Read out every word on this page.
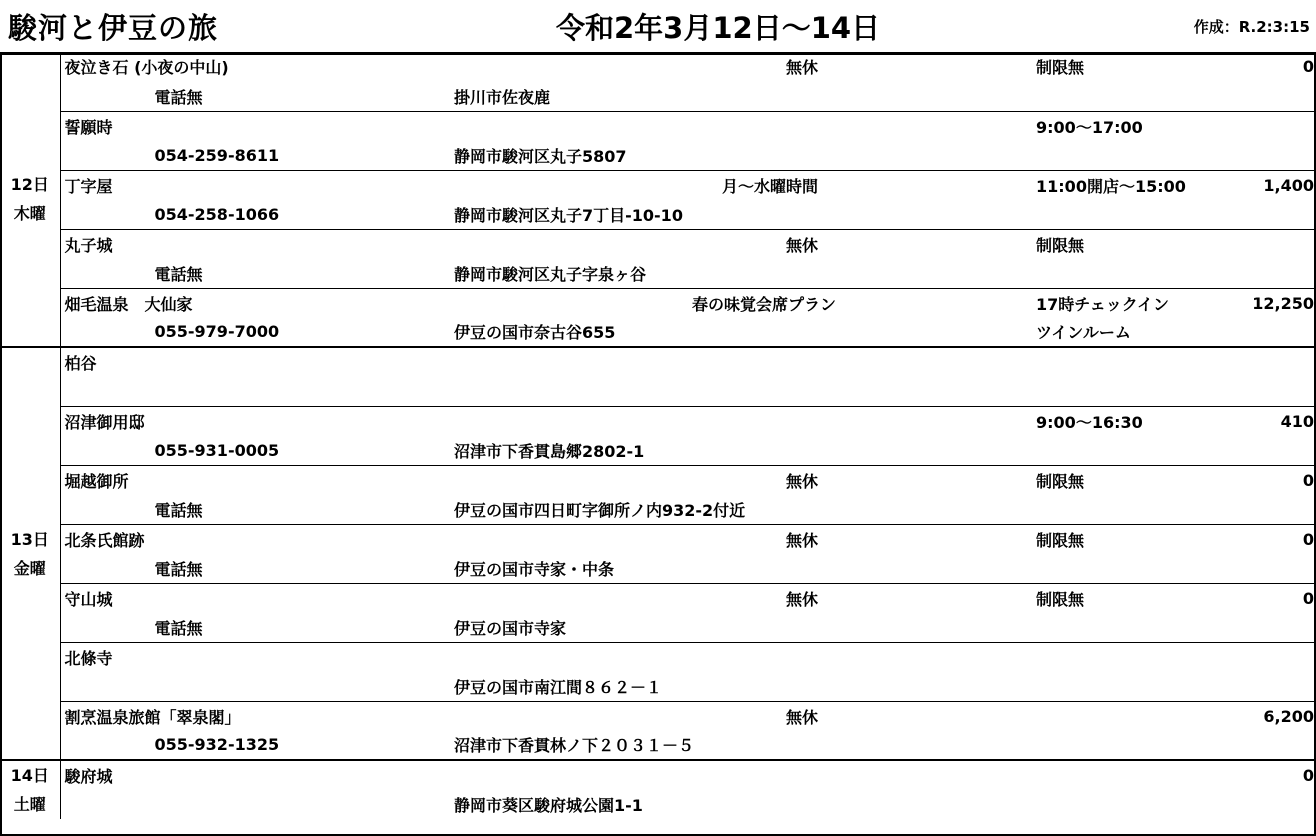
駿河と伊豆の旅	令和2年3月12日～14日	作成：R.2:3:15
12日
木曜	夜泣き石 (小夜の中山)		無休		制限無	0	
	電話無	掛川市佐夜鹿					
	誓願時				9:00～17:00		
	054-259-8611	静岡市駿河区丸子5807					
	丁字屋		月～水曜時間		11:00開店～15:00	1,400	
	054-258-1066	静岡市駿河区丸子7丁目-10-10					
	丸子城		無休		制限無		
	電話無	静岡市駿河区丸子字泉ヶ谷					
	畑毛温泉　大仙家		春の味覚会席プラン		17時チェックイン	12,250	
	055-979-7000	伊豆の国市奈古谷655			ツインルーム		

13日
金曜	柏谷						

	沼津御用邸				9:00～16:30	410	
	055-931-0005	沼津市下香貫島郷2802-1					
	堀越御所		無休		制限無	0	
	電話無	伊豆の国市四日町字御所ノ内932-2付近			
	北条氏館跡		無休		制限無	0	
	電話無	伊豆の国市寺家・中条					
	守山城		無休		制限無	0	
	電話無	伊豆の国市寺家					
	北條寺						
		伊豆の国市南江間８６２－１					
	割烹温泉旅館「翠泉閣」		無休			6,200	
	055-932-1325	沼津市下香貫林ノ下２０３１－５					

14日
土曜	駿府城					0	
		静岡市葵区駿府城公園1-1			
